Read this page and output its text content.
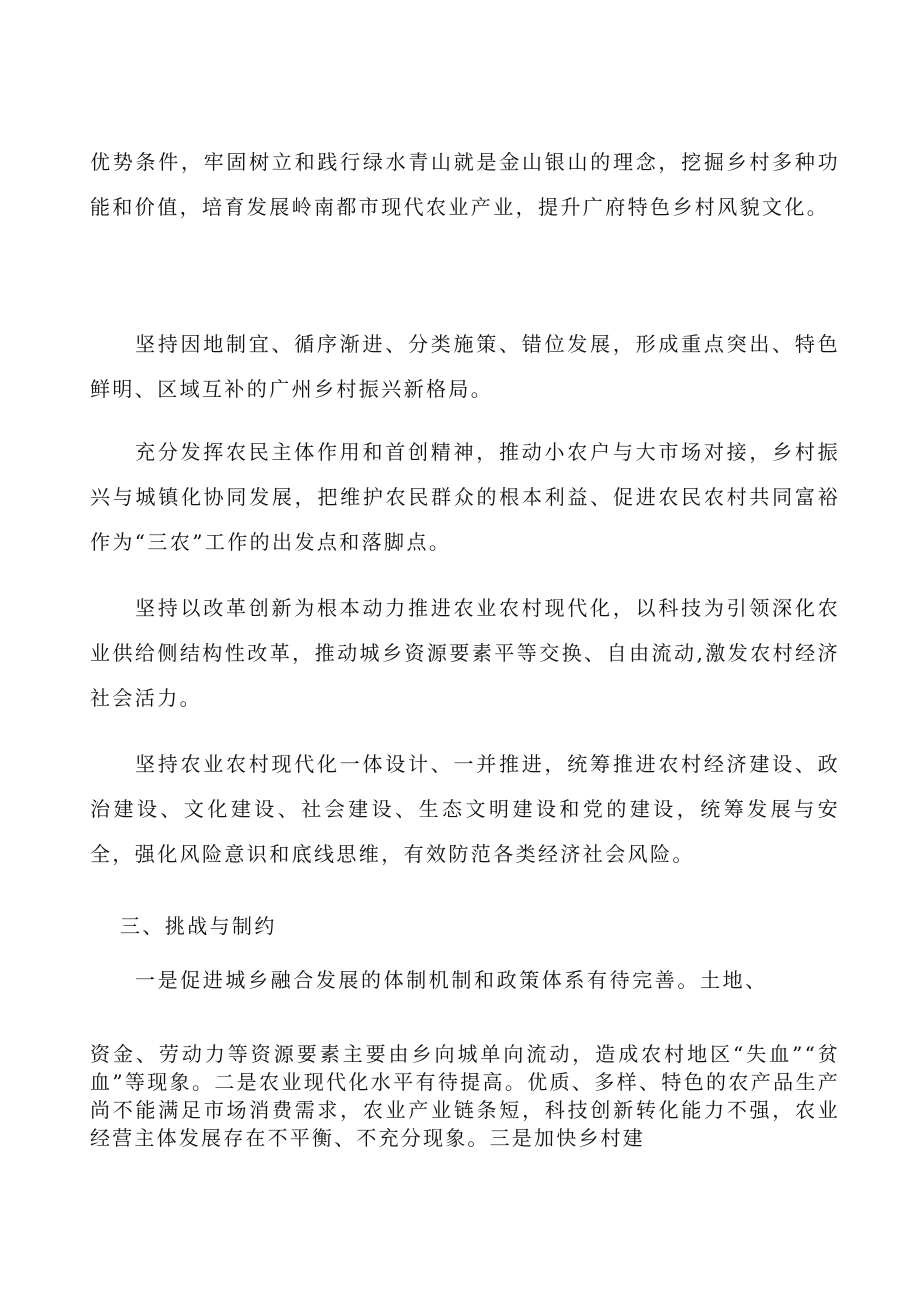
优势条件，牢固树立和践行绿水青山就是金山银山的理念，挖掘乡村多种功能和价值，培育发展岭南都市现代农业产业，提升广府特色乡村风貌文化。

坚持因地制宜、循序渐进、分类施策、错位发展，形成重点突出、特色鲜明、区域互补的广州乡村振兴新格局。

充分发挥农民主体作用和首创精神，推动小农户与大市场对接，乡村振兴与城镇化协同发展，把维护农民群众的根本利益、促进农民农村共同富裕作为“三农”工作的出发点和落脚点。

坚持以改革创新为根本动力推进农业农村现代化，以科技为引领深化农业供给侧结构性改革，推动城乡资源要素平等交换、自由流动,激发农村经济社会活力。

坚持农业农村现代化一体设计、一并推进，统筹推进农村经济建设、政治建设、文化建设、社会建设、生态文明建设和党的建设，统筹发展与安全，强化风险意识和底线思维，有效防范各类经济社会风险。

三、挑战与制约

一是促进城乡融合发展的体制机制和政策体系有待完善。土地、

资金、劳动力等资源要素主要由乡向城单向流动，造成农村地区“失血”“贫血”等现象。二是农业现代化水平有待提高。优质、多样、特色的农产品生产尚不能满足市场消费需求，农业产业链条短，科技创新转化能力不强，农业经营主体发展存在不平衡、不充分现象。三是加快乡村建
